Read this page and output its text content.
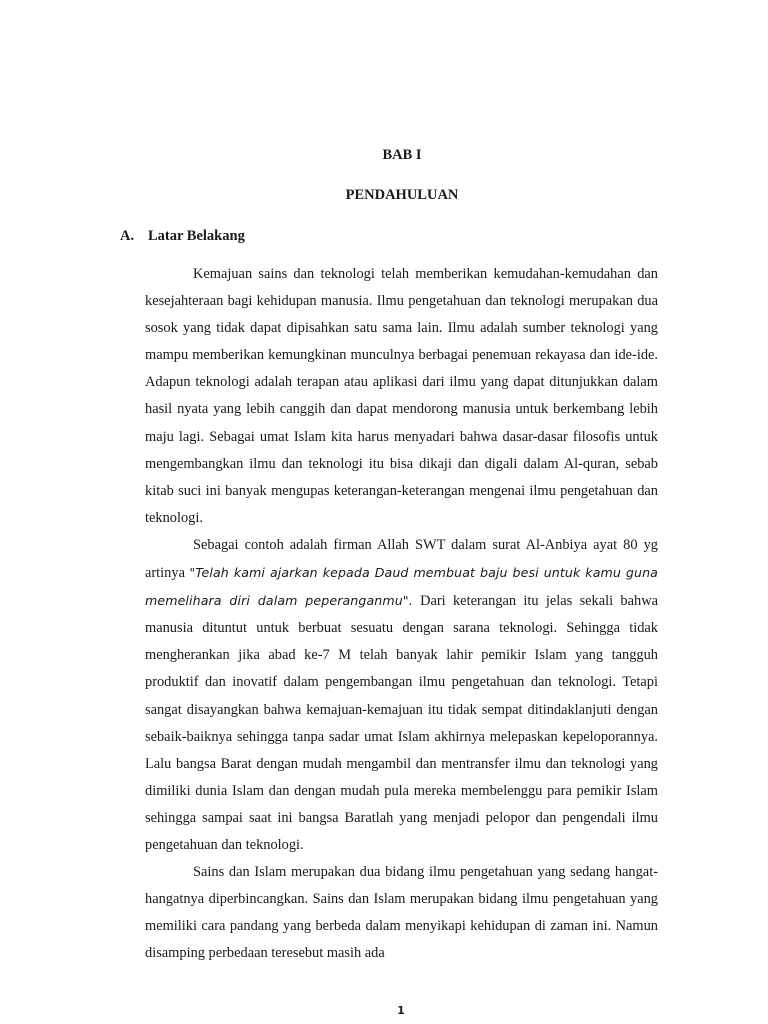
BAB I
PENDAHULUAN
A. Latar Belakang

Kemajuan sains dan teknologi telah memberikan kemudahan-kemudahan dan kesejahteraan bagi kehidupan manusia. Ilmu pengetahuan dan teknologi merupakan dua sosok yang tidak dapat dipisahkan satu sama lain. Ilmu adalah sumber teknologi yang mampu memberikan kemungkinan munculnya berbagai penemuan rekayasa dan ide-ide. Adapun teknologi adalah terapan atau aplikasi dari ilmu yang dapat ditunjukkan dalam hasil nyata yang lebih canggih dan dapat mendorong manusia untuk berkembang lebih maju lagi. Sebagai umat Islam kita harus menyadari bahwa dasar-dasar filosofis untuk mengembangkan ilmu dan teknologi itu bisa dikaji dan digali dalam Al-quran, sebab kitab suci ini banyak mengupas keterangan-keterangan mengenai ilmu pengetahuan dan teknologi.

Sebagai contoh adalah firman Allah SWT dalam surat Al-Anbiya ayat 80 yg artinya "Telah kami ajarkan kepada Daud membuat baju besi untuk kamu guna memelihara diri dalam peperanganmu". Dari keterangan itu jelas sekali bahwa manusia dituntut untuk berbuat sesuatu dengan sarana teknologi. Sehingga tidak mengherankan jika abad ke-7 M telah banyak lahir pemikir Islam yang tangguh produktif dan inovatif dalam pengembangan ilmu pengetahuan dan teknologi. Tetapi sangat disayangkan bahwa kemajuan-kemajuan itu tidak sempat ditindaklanjuti dengan sebaik-baiknya sehingga tanpa sadar umat Islam akhirnya melepaskan kepeloporannya. Lalu bangsa Barat dengan mudah mengambil dan mentransfer ilmu dan teknologi yang dimiliki dunia Islam dan dengan mudah pula mereka membelenggu para pemikir Islam sehingga sampai saat ini bangsa Baratlah yang menjadi pelopor dan pengendali ilmu pengetahuan dan teknologi.

Sains dan Islam merupakan dua bidang ilmu pengetahuan yang sedang hangat-hangatnya diperbincangkan. Sains dan Islam merupakan bidang ilmu pengetahuan yang memiliki cara pandang yang berbeda dalam menyikapi kehidupan di zaman ini. Namun disamping perbedaan teresebut masih ada

1
